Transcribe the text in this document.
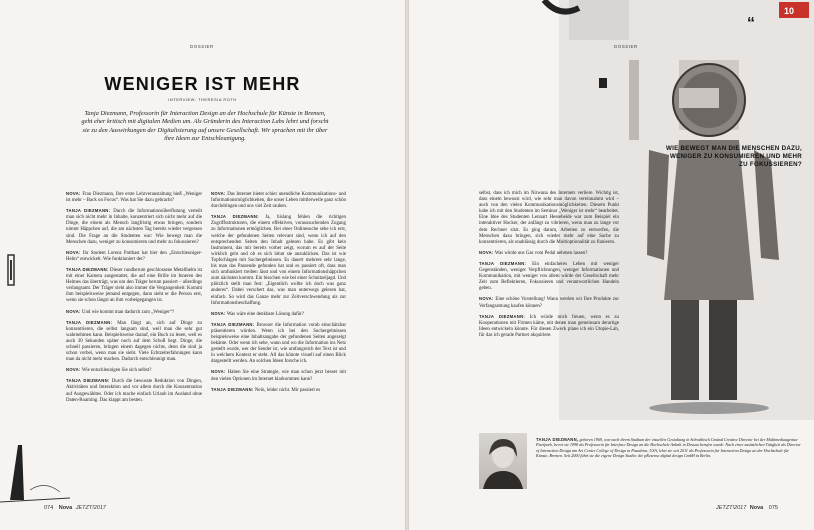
DOSSIER
WENIGER IST MEHR
INTERVIEW: THERESIA ROTH
Tanja Diezmann, Professorin für Interaction Design an der Hochschule für Künste in Bremen, geht eher kritisch mit digitalen Medien um. Als Gründerin des Interaction Labs lehrt und forscht sie zu den Auswirkungen der Digitalisierung auf unsere Gesellschaft. Wir sprachen mit ihr über ihre Ideen zur Entschleunigung.

NOVA: Frau Diezmann, Ihre erste Lehrveranstaltung hieß „Weniger ist mehr – Back on Focus“. Was hat Sie dazu gebracht?

TANJA DIEZMANN: Durch die Informationsüberflutung verteilt man sich nicht mehr in Inhalte, konzentriert sich nicht mehr auf die Dinge, die einem als Mensch langfristig etwas bringen, sondern nimmt Häppchen auf, die am nächsten Tag bereits wieder vergessen sind. Die Frage an die Studenten war: Wie bewegt man die Menschen dazu, weniger zu konsumieren und mehr zu fokussieren?

NOVA: Ihr Student Lorenz Potthast hat hier den „Entschleuniger-Helm“ entwickelt. Wie funktioniert der?

TANJA DIEZMANN: Dieser rundherum geschlossene Metallhelm ist mit einer Kamera ausgestattet, die auf eine Brille im Inneren des Helmes das überträgt, was um den Träger herum passiert – allerdings verlangsamt. Der Träger sieht also immer die Vergangenheit: Kommt ihm beispielsweise jemand entgegen, dann sieht er die Person erst, wenn sie schon längst an ihm vorbeigegangen ist.

NOVA: Und wie kommt man dadurch zum „Weniger“?

TANJA DIEZMANN: Man fängt an, sich auf Dinge zu konzentrieren, die selbst langsam sind, weil man die sehr gut wahrnehmen kann. Beispielsweise darauf, ein Buch zu lesen, weil es auch 30 Sekunden später noch auf dem Schoß liegt. Dinge, die schnell passieren, bringen einem dagegen nichts, denn die sind ja schon vorbei, wenn man sie sieht. Viele Echtzeiterfahrungen kann man da nicht mehr machen. Dadurch entschleunigt man.

NOVA: Wie entschleunigen Sie sich selbst?

TANJA DIEZMANN: Durch die bewusste Reduktion von Dingen, Aktivitäten und Interaktion und vor allem durch die Konzentration auf Ausgewähltes. Oder ich mache einfach Urlaub im Ausland ohne Daten-Roaming. Das klappt am besten.

NOVA: Das Internet bietet schier unendliche Kommunikations- und Informationsmöglichkeiten, die unser Leben mittlerweile ganz schön durchdringen und uns viel Zeit rauben.

TANJA DIEZMANN: Ja, bislang fehlen die richtigen Zugriffsstrukturen, die einem effektiven, voraussuchenden Zugang zu Informationen ermöglichen. Bei einer Onlinesuche sehe ich erst, welche der gefundenen Seiten relevant sind, wenn ich auf den entsprechenden Seiten den Inhalt gelesen habe. Es gibt kein Instrument, das mir bereits vorher zeigt, worum es auf der Seite wirklich geht und ob es sich lohnt sie anzuklicken. Das ist wie Topfschlagen mit Suchergebnissen. Es dauert mehrere sehr lange, bis man das Passende gefunden hat und es passiert oft, dass man sich umfunkiert treiben lässt und von einem Informationshäppchen zum nächsten kommt. Ein bisschen wie bei einer Schnitzeljagd. Und plötzlich stellt man fest: „Eigentlich wollte ich doch was ganz anderes“. Dabei verschert das, was man unterwegs gelesen hat, einfach. So wird das Ganze mehr zur Zeitverschwendung als zur Informationsbeschaffung.

NOVA: Was wäre eine denkbare Lösung dafür?

TANJA DIEZMANN: Browser die Information vorab einschätzbar präsentieren würden. Wenn ich bei den Suchergebnissen beispielsweise eine Inhaltsangabe der gefundenen Seiten angezeigt bekäme. Oder wenn ich sehe, wann und wo die Information ins Netz gestellt wurde, wer der Sender ist, wie umfangreich der Text ist und in welchem Kontext er steht. All das könnte visuell auf einen Blick dargestellt werden. An solchen Ideen forsche ich.

NOVA: Haben Sie eine Strategie, wie man schon jetzt besser mit den vielen Optionen im Internet klarkommen kann?

TANJA DIEZMANN: Nein, leider nicht. Mir passiert es

074 Nova JETZT!2017
10
“
DOSSIER
WIE BEWEGT MAN DIE MENSCHEN DAZU, WENIGER ZU KONSUMIEREN UND MEHR ZU FOKUSSIEREN?

selbst, dass ich mich im Nirwana des Internets verliere. Wichtig ist, dass einem bewusst wird, wie sehr man davon vereinnahmt wird – auch von den vielen Kommunikationsmöglichkeiten. Diesem Punkt habe ich mit den Studenten im Seminar „Weniger ist mehr“ bearbeitet. Eine Idee des Studenten Lennart Hesseheide war zum Beispiel ein interaktiver Hocker, der anfängt zu vibrieren, wenn man zu lange vor dem Rechner sitzt. Es ging darum, Arbeiten zu entwerfen, die Menschen dazu bringen, sich wieder mehr auf eine Sache zu konzentrieren, als unablässig durch die Multioptionalität zu flanieren.

NOVA: Was würde uns Gas vom Pedal nehmen lassen?

TANJA DIEZMANN: Ein einfacheres Leben mit weniger Gegenständen, weniger Verpflichtungen, weniger Informationen und Kommunikation, mit weniger von allem würde der Gesellschaft mehr Zeit zum Reflektieren, Fokussieren und verantwortlichen Handeln geben.

NOVA: Eine schöne Vorstellung! Wann werden wir Ihre Produkte zur Verfangsamung kaufen können?

TANJA DIEZMANN: Ich würde mich freuen, wenn es zu Kooperationen mit Firmen käme, mit denen man gemeinsam derartige Ideen entwickeln könnte. Für diesen Zweck plane ich ein Utopie-Lab, für das ich gerade Partner akquiriere.

TANJA DIEZMANN, geboren 1969, war nach ihrem Studium der visuellen Gestaltung in Schwäbisch Gmünd Creative Director bei der Multimediaagentur Pixelpark, bevor sie 1998 als Professorin für Interface Design an die Hochschule Anhalt in Dessau berufen wurde. Nach einer zusätzlichen Tätigkeit als Director of Interaction Design am Art Center College of Design in Pasadena, USA, lehrt sie seit 2011 als Professorin für Interaction Design an der Hochschule für Künste, Bremen. Seit 2000 führt sie die eigene Design Studio: die pResense digital design GmbH in Berlin.
JETZT!2017 Nova 075
